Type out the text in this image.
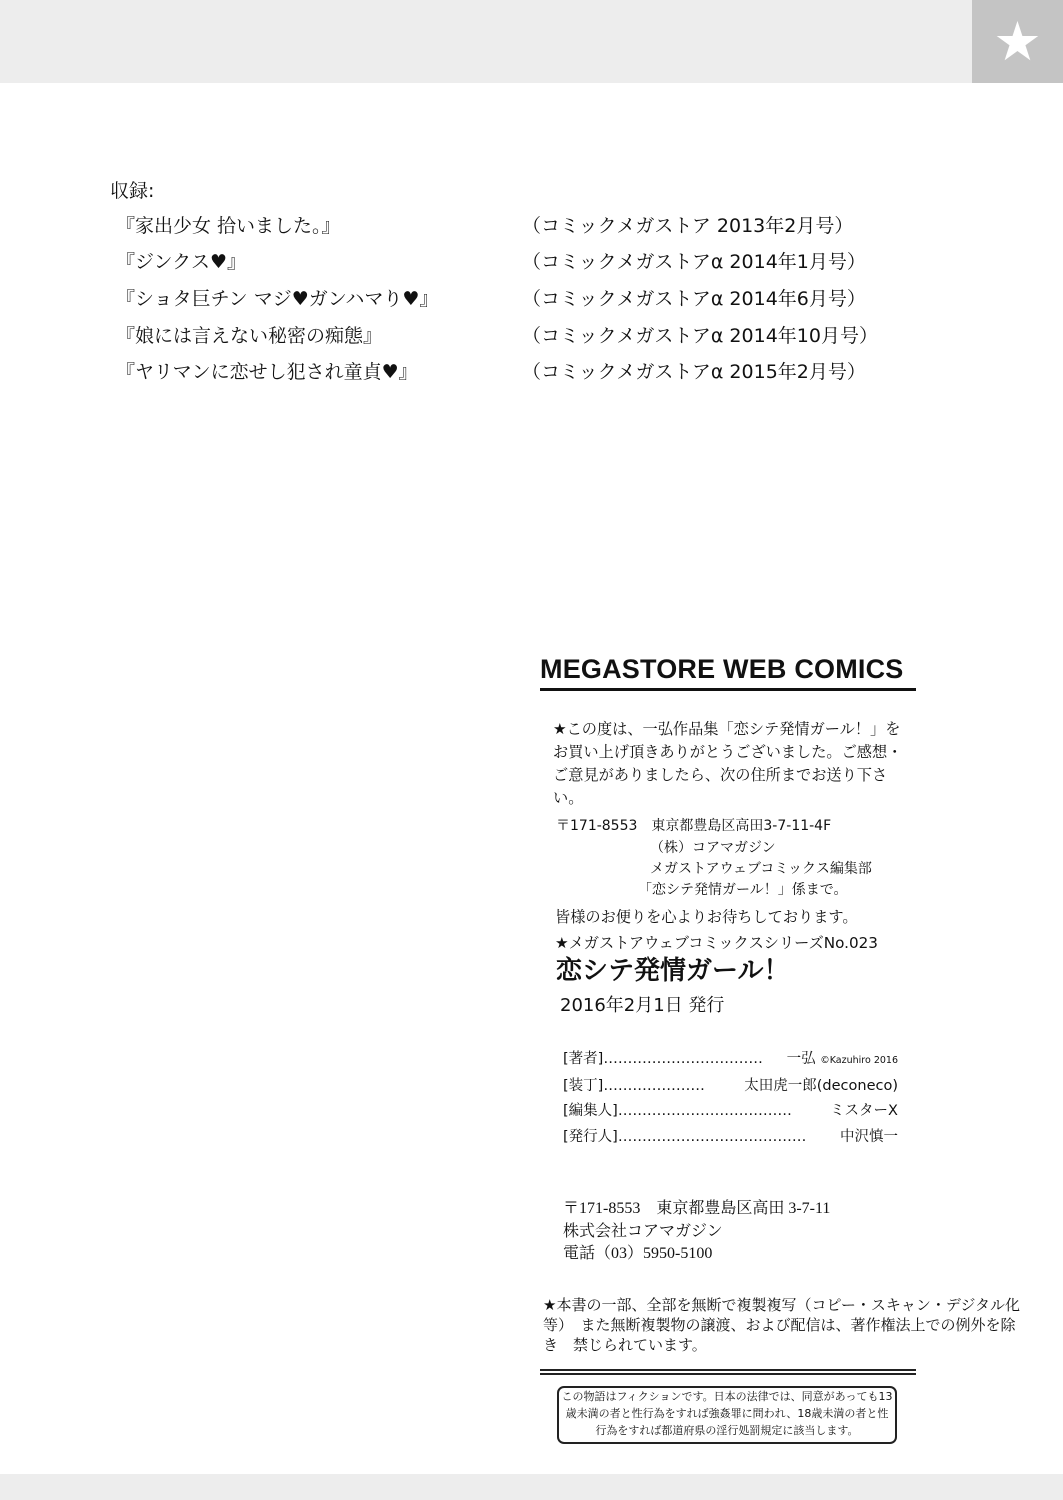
★
収録:
『家出少女 拾いました。』	（コミックメガストア 2013年2月号）
『ジンクス♥』	（コミックメガストアα 2014年1月号）
『ショタ巨チン マジ♥ガンハマり♥』	（コミックメガストアα 2014年6月号）
『娘には言えない秘密の痴態』	（コミックメガストアα 2014年10月号）
『ヤリマンに恋せし犯され童貞♥』	（コミックメガストアα 2015年2月号）
MEGASTORE WEB COMICS
★この度は、一弘作品集「恋シテ発情ガール！」をお買い上げ頂きありがとうございました。ご感想・ご意見がありましたら、次の住所までお送り下さい。
〒171-8553　東京都豊島区高田3-7-11-4F
（株）コアマガジン
メガストアウェブコミックス編集部
「恋シテ発情ガール！」係まで。
皆様のお便りを心よりお待ちしております。
★メガストアウェブコミックスシリーズNo.023
恋シテ発情ガール！
2016年2月1日 発行
[著者]…………………………… 一弘 ©Kazuhiro 2016
[装丁]…………………	太田虎一郎(deconeco)
[編集人]………………………………	ミスターX
[発行人]………………………………… 中沢慎一
〒171-8553　東京都豊島区高田 3-7-11
株式会社コアマガジン
電話（03）5950-5100
★本書の一部、全部を無断で複製複写（コピー・スキャン・デジタル化等）　また無断複製物の譲渡、および配信は、著作権法上での例外を除き　禁じられています。
この物語はフィクションです。日本の法律では、同意があっても13歳未満の者と性行為をすれば強姦罪に問われ、18歳未満の者と性行為をすれば都道府県の淫行処罰規定に該当します。
